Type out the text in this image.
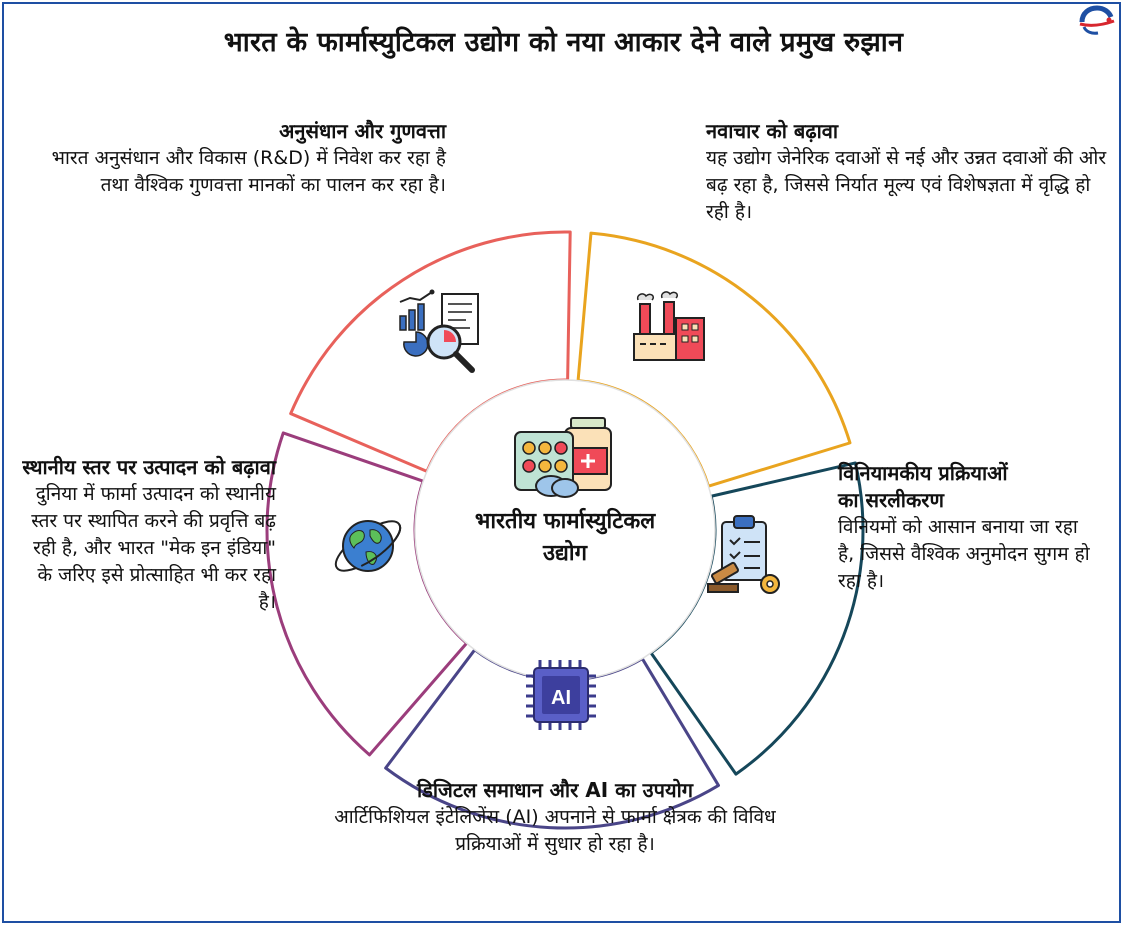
भारत के फार्मास्युटिकल उद्योग को नया आकार देने वाले प्रमुख रुझान
AI
भारतीय फार्मास्युटिकल उद्योग
अनुसंधान और गुणवत्ता

भारत अनुसंधान और विकास (R&D) में निवेश कर रहा है तथा वैश्विक गुणवत्ता मानकों का पालन कर रहा है।

नवाचार को बढ़ावा

यह उद्योग जेनेरिक दवाओं से नई और उन्नत दवाओं की ओर बढ़ रहा है, जिससे निर्यात मूल्य एवं विशेषज्ञता में वृद्धि हो रही है।

विनियामकीय प्रक्रियाओं का सरलीकरण

विनियमों को आसान बनाया जा रहा है, जिससे वैश्विक अनुमोदन सुगम हो रहा है।

डिजिटल समाधान और AI का उपयोग

आर्टिफिशियल इंटेलिजेंस (AI) अपनाने से फार्मा क्षेत्रक की विविध प्रक्रियाओं में सुधार हो रहा है।

स्थानीय स्तर पर उत्पादन को बढ़ावा

दुनिया में फार्मा उत्पादन को स्थानीय स्तर पर स्थापित करने की प्रवृत्ति बढ़ रही है, और भारत "मेक इन इंडिया" के जरिए इसे प्रोत्साहित भी कर रहा है।
